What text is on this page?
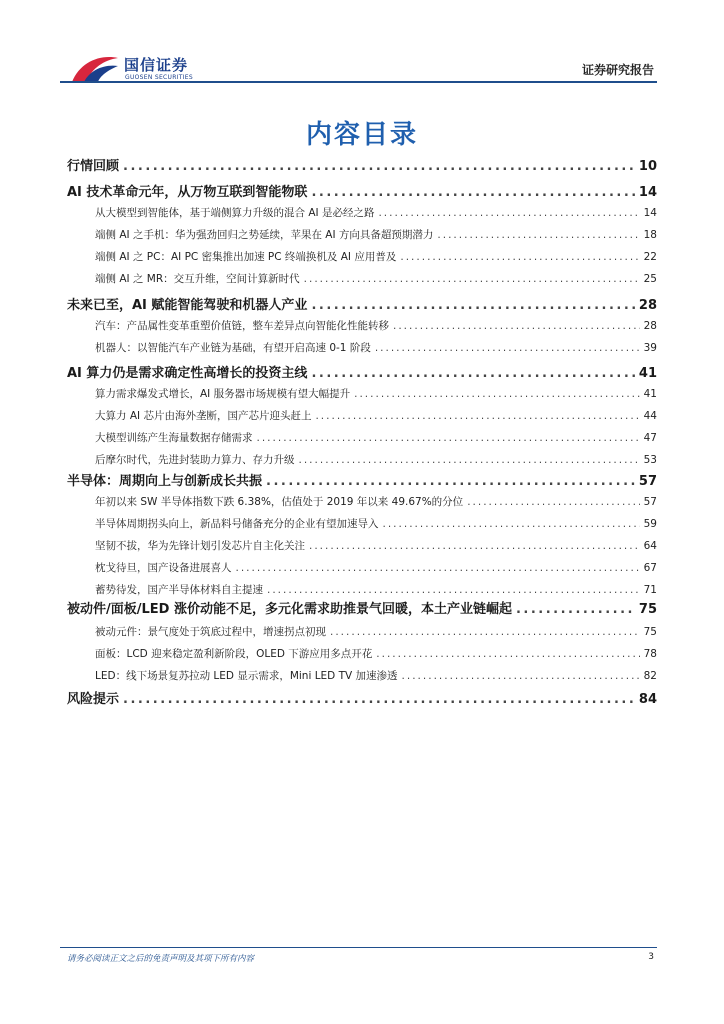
国信证券
GUOSEN SECURITIES
证券研究报告
内容目录
行情回顾 .....	10
AI 技术革命元年，从万物互联到智能物联 .....	14
从大模型到智能体，基于端侧算力升级的混合 AI 是必经之路 .....	14
端侧 AI 之手机：华为强劲回归之势延续，苹果在 AI 方向具备超预期潜力 .....	18
端侧 AI 之 PC：AI PC 密集推出加速 PC 终端换机及 AI 应用普及 .....	22
端侧 AI 之 MR：交互升维，空间计算新时代 .....	25
未来已至，AI 赋能智能驾驶和机器人产业 .....	28
汽车：产品属性变革重塑价值链，整车差异点向智能化性能转移 .....	28
机器人：以智能汽车产业链为基础，有望开启高速 0-1 阶段 .....	39
AI 算力仍是需求确定性高增长的投资主线 .....	41
算力需求爆发式增长，AI 服务器市场规模有望大幅提升 .....	41
大算力 AI 芯片由海外垄断，国产芯片迎头赶上 .....	44
大模型训练产生海量数据存储需求 .....	47
后摩尔时代，先进封装助力算力、存力升级 .....	53
半导体：周期向上与创新成长共振 .....	57
年初以来 SW 半导体指数下跌 6.38%，估值处于 2019 年以来 49.67%的分位 .....	57
半导体周期拐头向上，新品料号储备充分的企业有望加速导入 .....	59
坚韧不拔，华为先锋计划引发芯片自主化关注 .....	64
枕戈待旦，国产设备进展喜人 .....	67
蓄势待发，国产半导体材料自主提速 .....	71
被动件/面板/LED 涨价动能不足，多元化需求助推景气回暖，本土产业链崛起 .....	75
被动元件：景气度处于筑底过程中，增速拐点初现 .....	75
面板：LCD 迎来稳定盈利新阶段，OLED 下游应用多点开花 .....	78
LED：线下场景复苏拉动 LED 显示需求，Mini LED TV 加速渗透 .....	82
风险提示 .....	84
请务必阅读正文之后的免责声明及其项下所有内容	3
